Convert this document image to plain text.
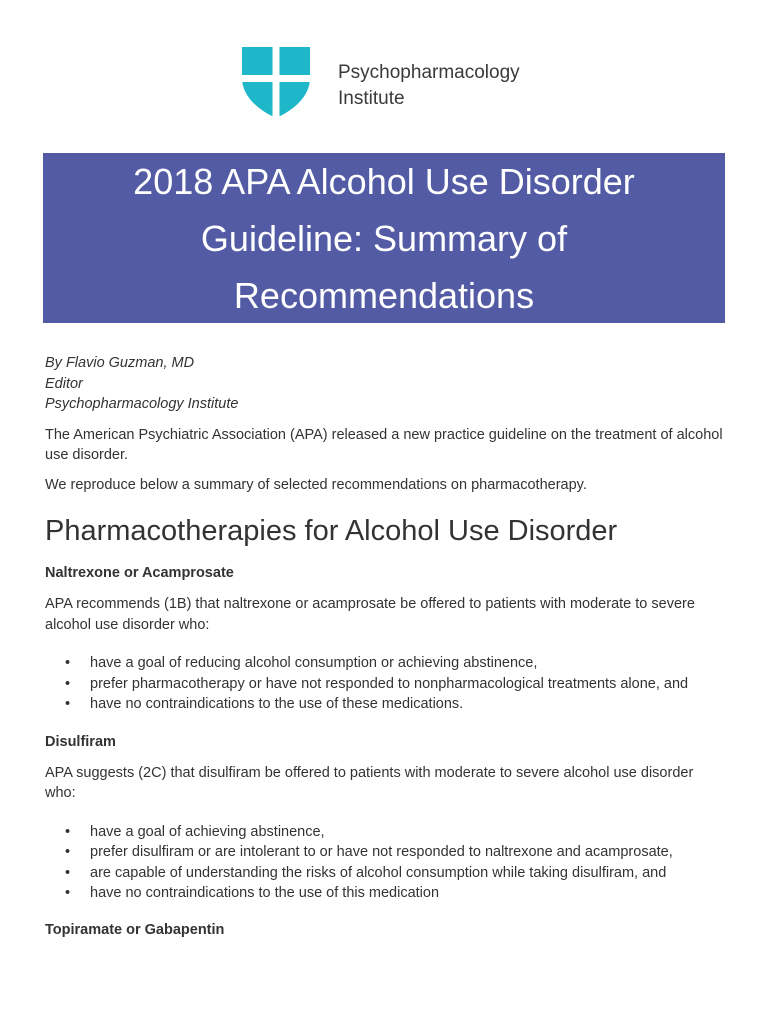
Psychopharmacology
Institute
2018 APA Alcohol Use Disorder Guideline: Summary of Recommendations
By Flavio Guzman, MD
Editor
Psychopharmacology Institute

The American Psychiatric Association (APA) released a new practice guideline on the treatment of alcohol use disorder.

We reproduce below a summary of selected recommendations on pharmacotherapy.

Pharmacotherapies for Alcohol Use Disorder
Naltrexone or Acamprosate

APA recommends (1B) that naltrexone or acamprosate be offered to patients with moderate to severe alcohol use disorder who:

• have a goal of reducing alcohol consumption or achieving abstinence,
• prefer pharmacotherapy or have not responded to nonpharmacological treatments alone, and
• have no contraindications to the use of these medications.
Disulfiram

APA suggests (2C) that disulfiram be offered to patients with moderate to severe alcohol use disorder who:

• have a goal of achieving abstinence,
• prefer disulfiram or are intolerant to or have not responded to naltrexone and acamprosate,
• are capable of understanding the risks of alcohol consumption while taking disulfiram, and
• have no contraindications to the use of this medication
Topiramate or Gabapentin
